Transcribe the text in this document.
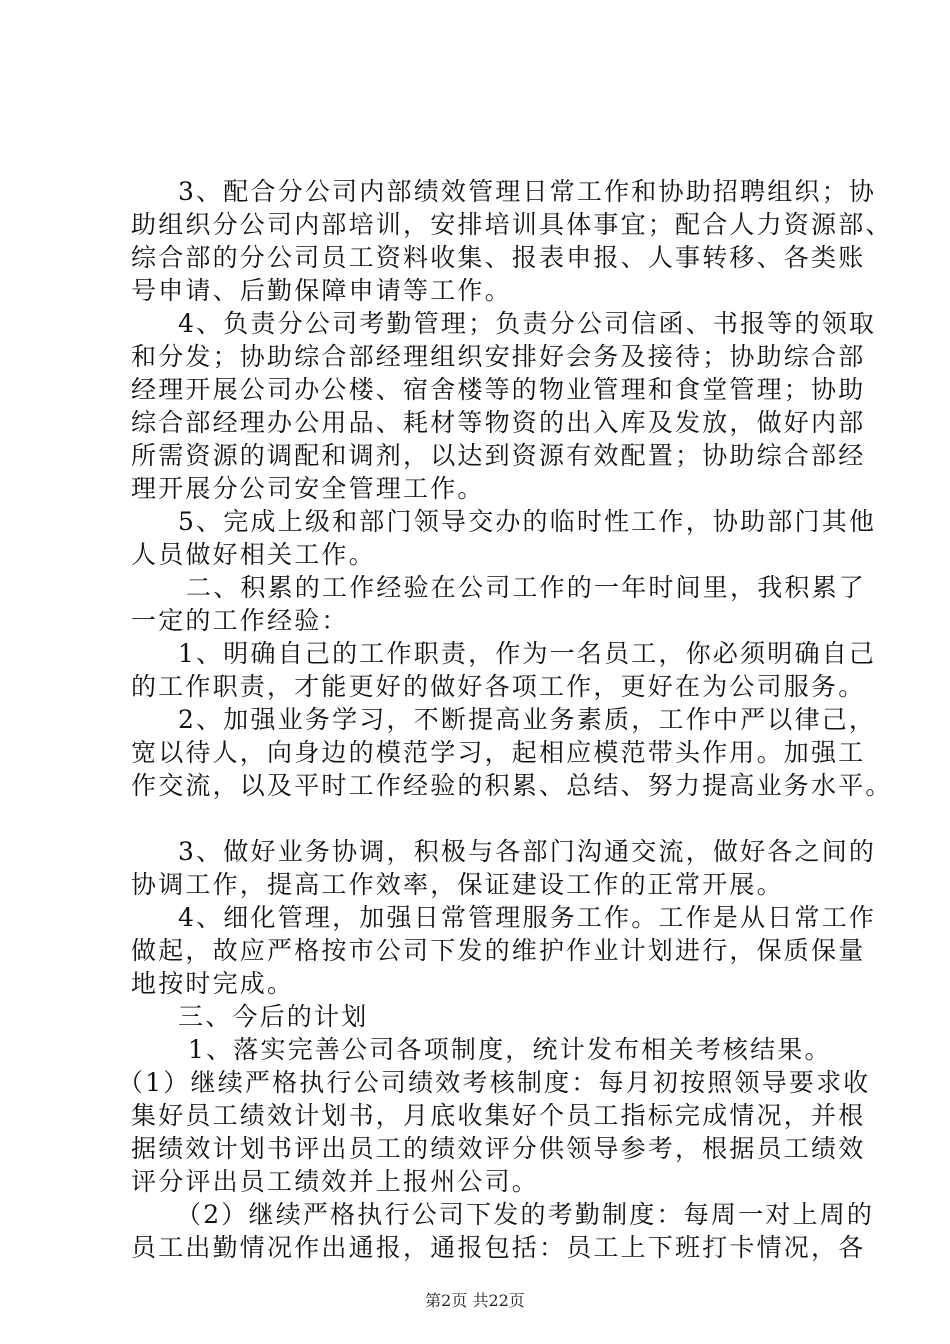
3、配合分公司内部绩效管理日常工作和协助招聘组织；协
助组织分公司内部培训，安排培训具体事宜；配合人力资源部、
综合部的分公司员工资料收集、报表申报、人事转移、各类账
号申请、后勤保障申请等工作。
4、负责分公司考勤管理；负责分公司信函、书报等的领取
和分发；协助综合部经理组织安排好会务及接待；协助综合部
经理开展公司办公楼、宿舍楼等的物业管理和食堂管理；协助
综合部经理办公用品、耗材等物资的出入库及发放，做好内部
所需资源的调配和调剂，以达到资源有效配置；协助综合部经
理开展分公司安全管理工作。
5、完成上级和部门领导交办的临时性工作，协助部门其他
人员做好相关工作。
二、积累的工作经验在公司工作的一年时间里，我积累了
一定的工作经验：
1、明确自己的工作职责，作为一名员工，你必须明确自己
的工作职责，才能更好的做好各项工作，更好在为公司服务。
2、加强业务学习，不断提高业务素质，工作中严以律己，
宽以待人，向身边的模范学习，起相应模范带头作用。加强工
作交流，以及平时工作经验的积累、总结、努力提高业务水平。
3、做好业务协调，积极与各部门沟通交流，做好各之间的
协调工作，提高工作效率，保证建设工作的正常开展。
4、细化管理，加强日常管理服务工作。工作是从日常工作
做起，故应严格按市公司下发的维护作业计划进行，保质保量
地按时完成。
三、今后的计划
1、落实完善公司各项制度，统计发布相关考核结果。
（1）继续严格执行公司绩效考核制度：每月初按照领导要求收
集好员工绩效计划书，月底收集好个员工指标完成情况，并根
据绩效计划书评出员工的绩效评分供领导参考，根据员工绩效
评分评出员工绩效并上报州公司。
（2）继续严格执行公司下发的考勤制度：每周一对上周的
员工出勤情况作出通报，通报包括：员工上下班打卡情况，各
第2页 共22页
